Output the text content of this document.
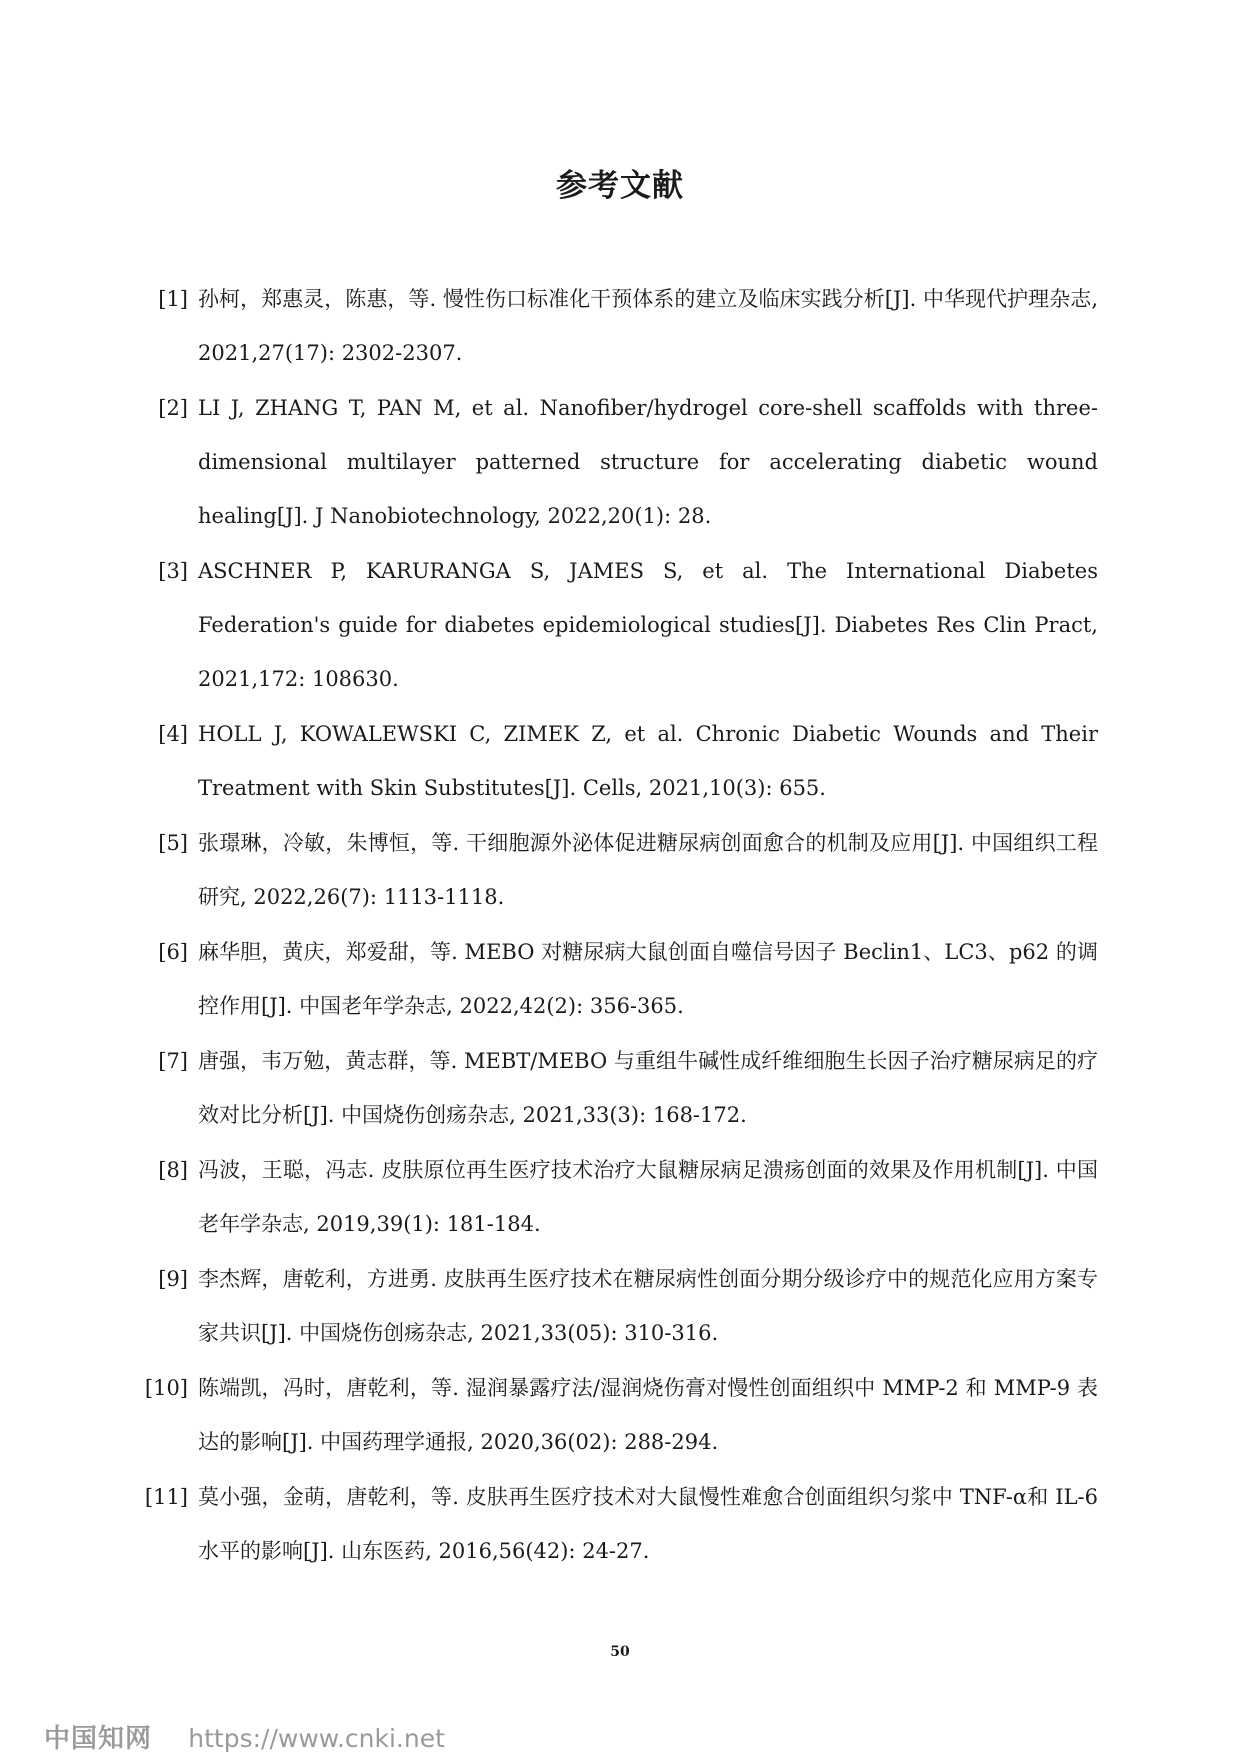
参考文献
[1] 孙柯，郑惠灵，陈惠，等. 慢性伤口标准化干预体系的建立及临床实践分析[J]. 中华现代护理杂志, 2021,27(17): 2302-2307.
[2] LI J, ZHANG T, PAN M, et al. Nanofiber/hydrogel core-shell scaffolds with three-dimensional multilayer patterned structure for accelerating diabetic wound healing[J]. J Nanobiotechnology, 2022,20(1): 28.
[3] ASCHNER P, KARURANGA S, JAMES S, et al. The International Diabetes Federation's guide for diabetes epidemiological studies[J]. Diabetes Res Clin Pract, 2021,172: 108630.
[4] HOLL J, KOWALEWSKI C, ZIMEK Z, et al. Chronic Diabetic Wounds and Their Treatment with Skin Substitutes[J]. Cells, 2021,10(3): 655.
[5] 张璟琳，冷敏，朱博恒，等. 干细胞源外泌体促进糖尿病创面愈合的机制及应用[J]. 中国组织工程研究, 2022,26(7): 1113-1118.
[6] 麻华胆，黄庆，郑爱甜，等. MEBO 对糖尿病大鼠创面自噬信号因子 Beclin1、LC3、p62 的调控作用[J]. 中国老年学杂志, 2022,42(2): 356-365.
[7] 唐强，韦万勉，黄志群，等. MEBT/MEBO 与重组牛碱性成纤维细胞生长因子治疗糖尿病足的疗效对比分析[J]. 中国烧伤创疡杂志, 2021,33(3): 168-172.
[8] 冯波，王聪，冯志. 皮肤原位再生医疗技术治疗大鼠糖尿病足溃疡创面的效果及作用机制[J]. 中国老年学杂志, 2019,39(1): 181-184.
[9] 李杰辉，唐乾利，方进勇. 皮肤再生医疗技术在糖尿病性创面分期分级诊疗中的规范化应用方案专家共识[J]. 中国烧伤创疡杂志, 2021,33(05): 310-316.
[10] 陈端凯，冯时，唐乾利，等. 湿润暴露疗法/湿润烧伤膏对慢性创面组织中 MMP-2 和 MMP-9 表达的影响[J]. 中国药理学通报, 2020,36(02): 288-294.
[11] 莫小强，金萌，唐乾利，等. 皮肤再生医疗技术对大鼠慢性难愈合创面组织匀浆中 TNF-α和 IL-6 水平的影响[J]. 山东医药, 2016,56(42): 24-27.
50
中国知网 https://www.cnki.net
